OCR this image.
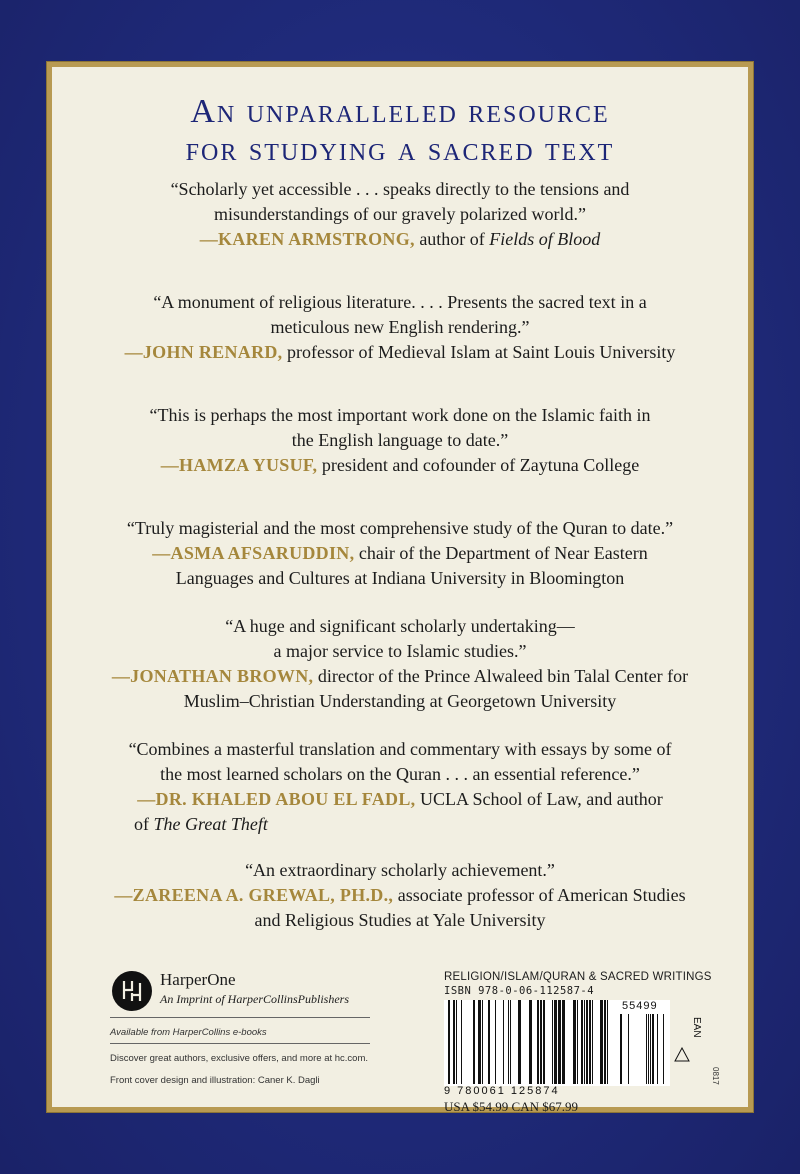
An unparalleled resource
for studying a sacred text
“Scholarly yet accessible . . . speaks directly to the tensions and
misunderstandings of our gravely polarized world.”
—KAREN ARMSTRONG, author of Fields of Blood
“A monument of religious literature. . . . Presents the sacred text in a
meticulous new English rendering.”
—JOHN RENARD, professor of Medieval Islam at Saint Louis University
“This is perhaps the most important work done on the Islamic faith in
the English language to date.”
—HAMZA YUSUF, president and cofounder of Zaytuna College
“Truly magisterial and the most comprehensive study of the Quran to date.”
—ASMA AFSARUDDIN, chair of the Department of Near Eastern
Languages and Cultures at Indiana University in Bloomington
“A huge and significant scholarly undertaking—
a major service to Islamic studies.”
—JONATHAN BROWN, director of the Prince Alwaleed bin Talal Center for
Muslim–Christian Understanding at Georgetown University
“Combines a masterful translation and commentary with essays by some of
the most learned scholars on the Quran . . . an essential reference.”
—DR. KHALED ABOU EL FADL, UCLA School of Law, and author
of The Great Theft
“An extraordinary scholarly achievement.”
—ZAREENA A. GREWAL, PH.D., associate professor of American Studies
and Religious Studies at Yale University
HarperOne
An Imprint of HarperCollinsPublishers
Available from HarperCollins e-books
Discover great authors, exclusive offers, and more at hc.com.
Front cover design and illustration: Caner K. Dagli
RELIGION/ISLAM/QURAN & SACRED WRITINGS
ISBN 978-0-06-112587-4
55499
EAN
0817
9 780061 125874
USA $54.99 CAN $67.99
